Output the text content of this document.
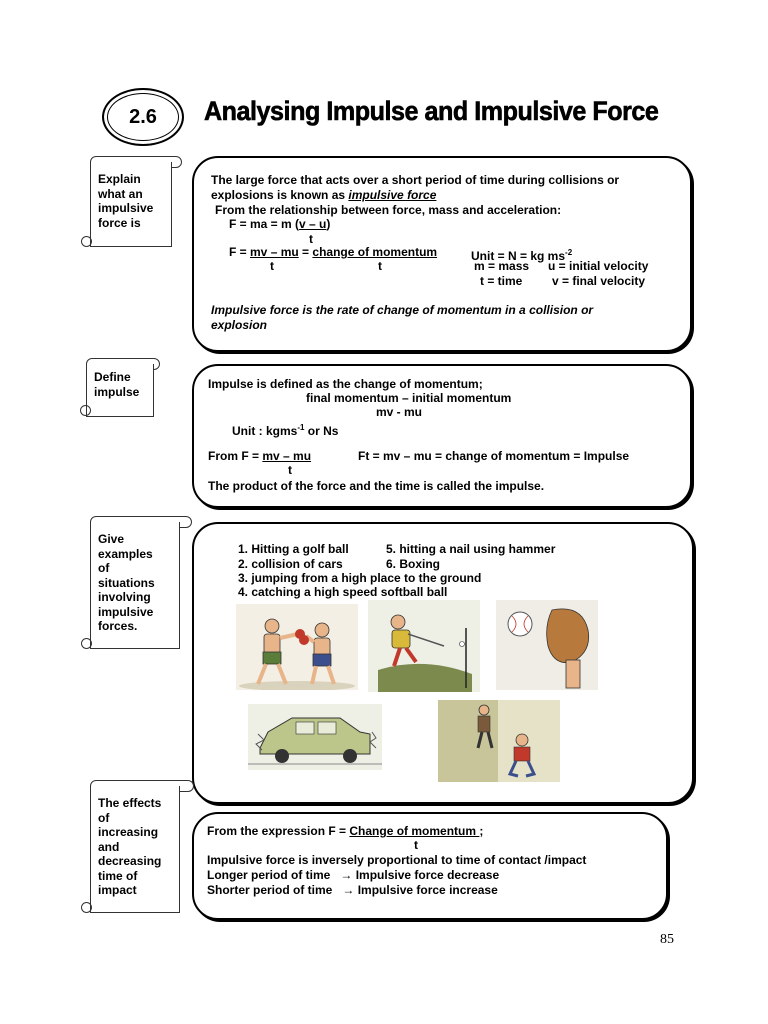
2.6	Analysing Impulse and Impulsive Force
Explain
what an
impulsive
force is
The large force that acts over a short period of time during collisions or
explosions is known as impulsive force
From the relationship between force, mass and acceleration:
F = ma = m (v – u)
t
F = mv – mu = change of momentum	Unit = N = kg $ms^{-2}$
t	t	m = mass u = initial velocity
t = time v = final velocity
Impulsive force is the rate of change of momentum in a collision or
explosion
Define
impulse
Impulse is defined as the change of momentum;
final momentum – initial momentum
mv - mu
Unit : kgms$^{-1}$ or Ns
From F = mv – mu	Ft = mv – mu = change of momentum = Impulse
t
The product of the force and the time is called the impulse.
Give
examples
of
situations
involving
impulsive
forces.
1. Hitting a golf ball
2. collision of cars
3. jumping from a high place to the ground
4. catching a high speed softball ball
5. hitting a nail using hammer
6. Boxing
The effects
of
increasing
and
decreasing
time of
impact
From the expression F = Change of momentum ;
t
Impulsive force is inversely proportional to time of contact /impact
Longer period of time → Impulsive force decrease
Shorter period of time → Impulsive force increase
85
